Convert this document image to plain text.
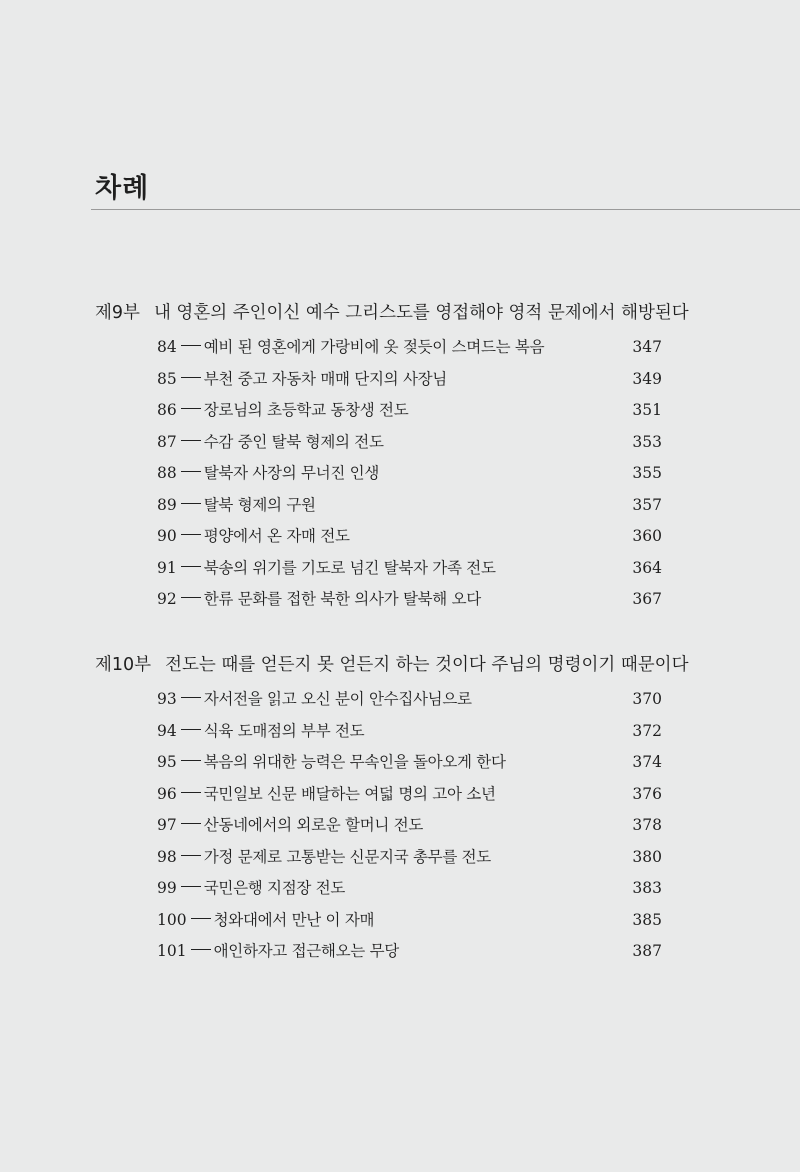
차례
제9부 내 영혼의 주인이신 예수 그리스도를 영접해야 영적 문제에서 해방된다
84 예비 된 영혼에게 가랑비에 옷 젖듯이 스며드는 복음	347
85 부천 중고 자동차 매매 단지의 사장님	349
86 장로님의 초등학교 동창생 전도	351
87 수감 중인 탈북 형제의 전도	353
88 탈북자 사장의 무너진 인생	355
89 탈북 형제의 구원	357
90 평양에서 온 자매 전도	360
91 북송의 위기를 기도로 넘긴 탈북자 가족 전도	364
92 한류 문화를 접한 북한 의사가 탈북해 오다	367
제10부 전도는 때를 얻든지 못 얻든지 하는 것이다 주님의 명령이기 때문이다
93 자서전을 읽고 오신 분이 안수집사님으로	370
94 식육 도매점의 부부 전도	372
95 복음의 위대한 능력은 무속인을 돌아오게 한다	374
96 국민일보 신문 배달하는 여덟 명의 고아 소년	376
97 산동네에서의 외로운 할머니 전도	378
98 가정 문제로 고통받는 신문지국 총무를 전도	380
99 국민은행 지점장 전도	383
100 청와대에서 만난 이 자매	385
101 애인하자고 접근해오는 무당	387
